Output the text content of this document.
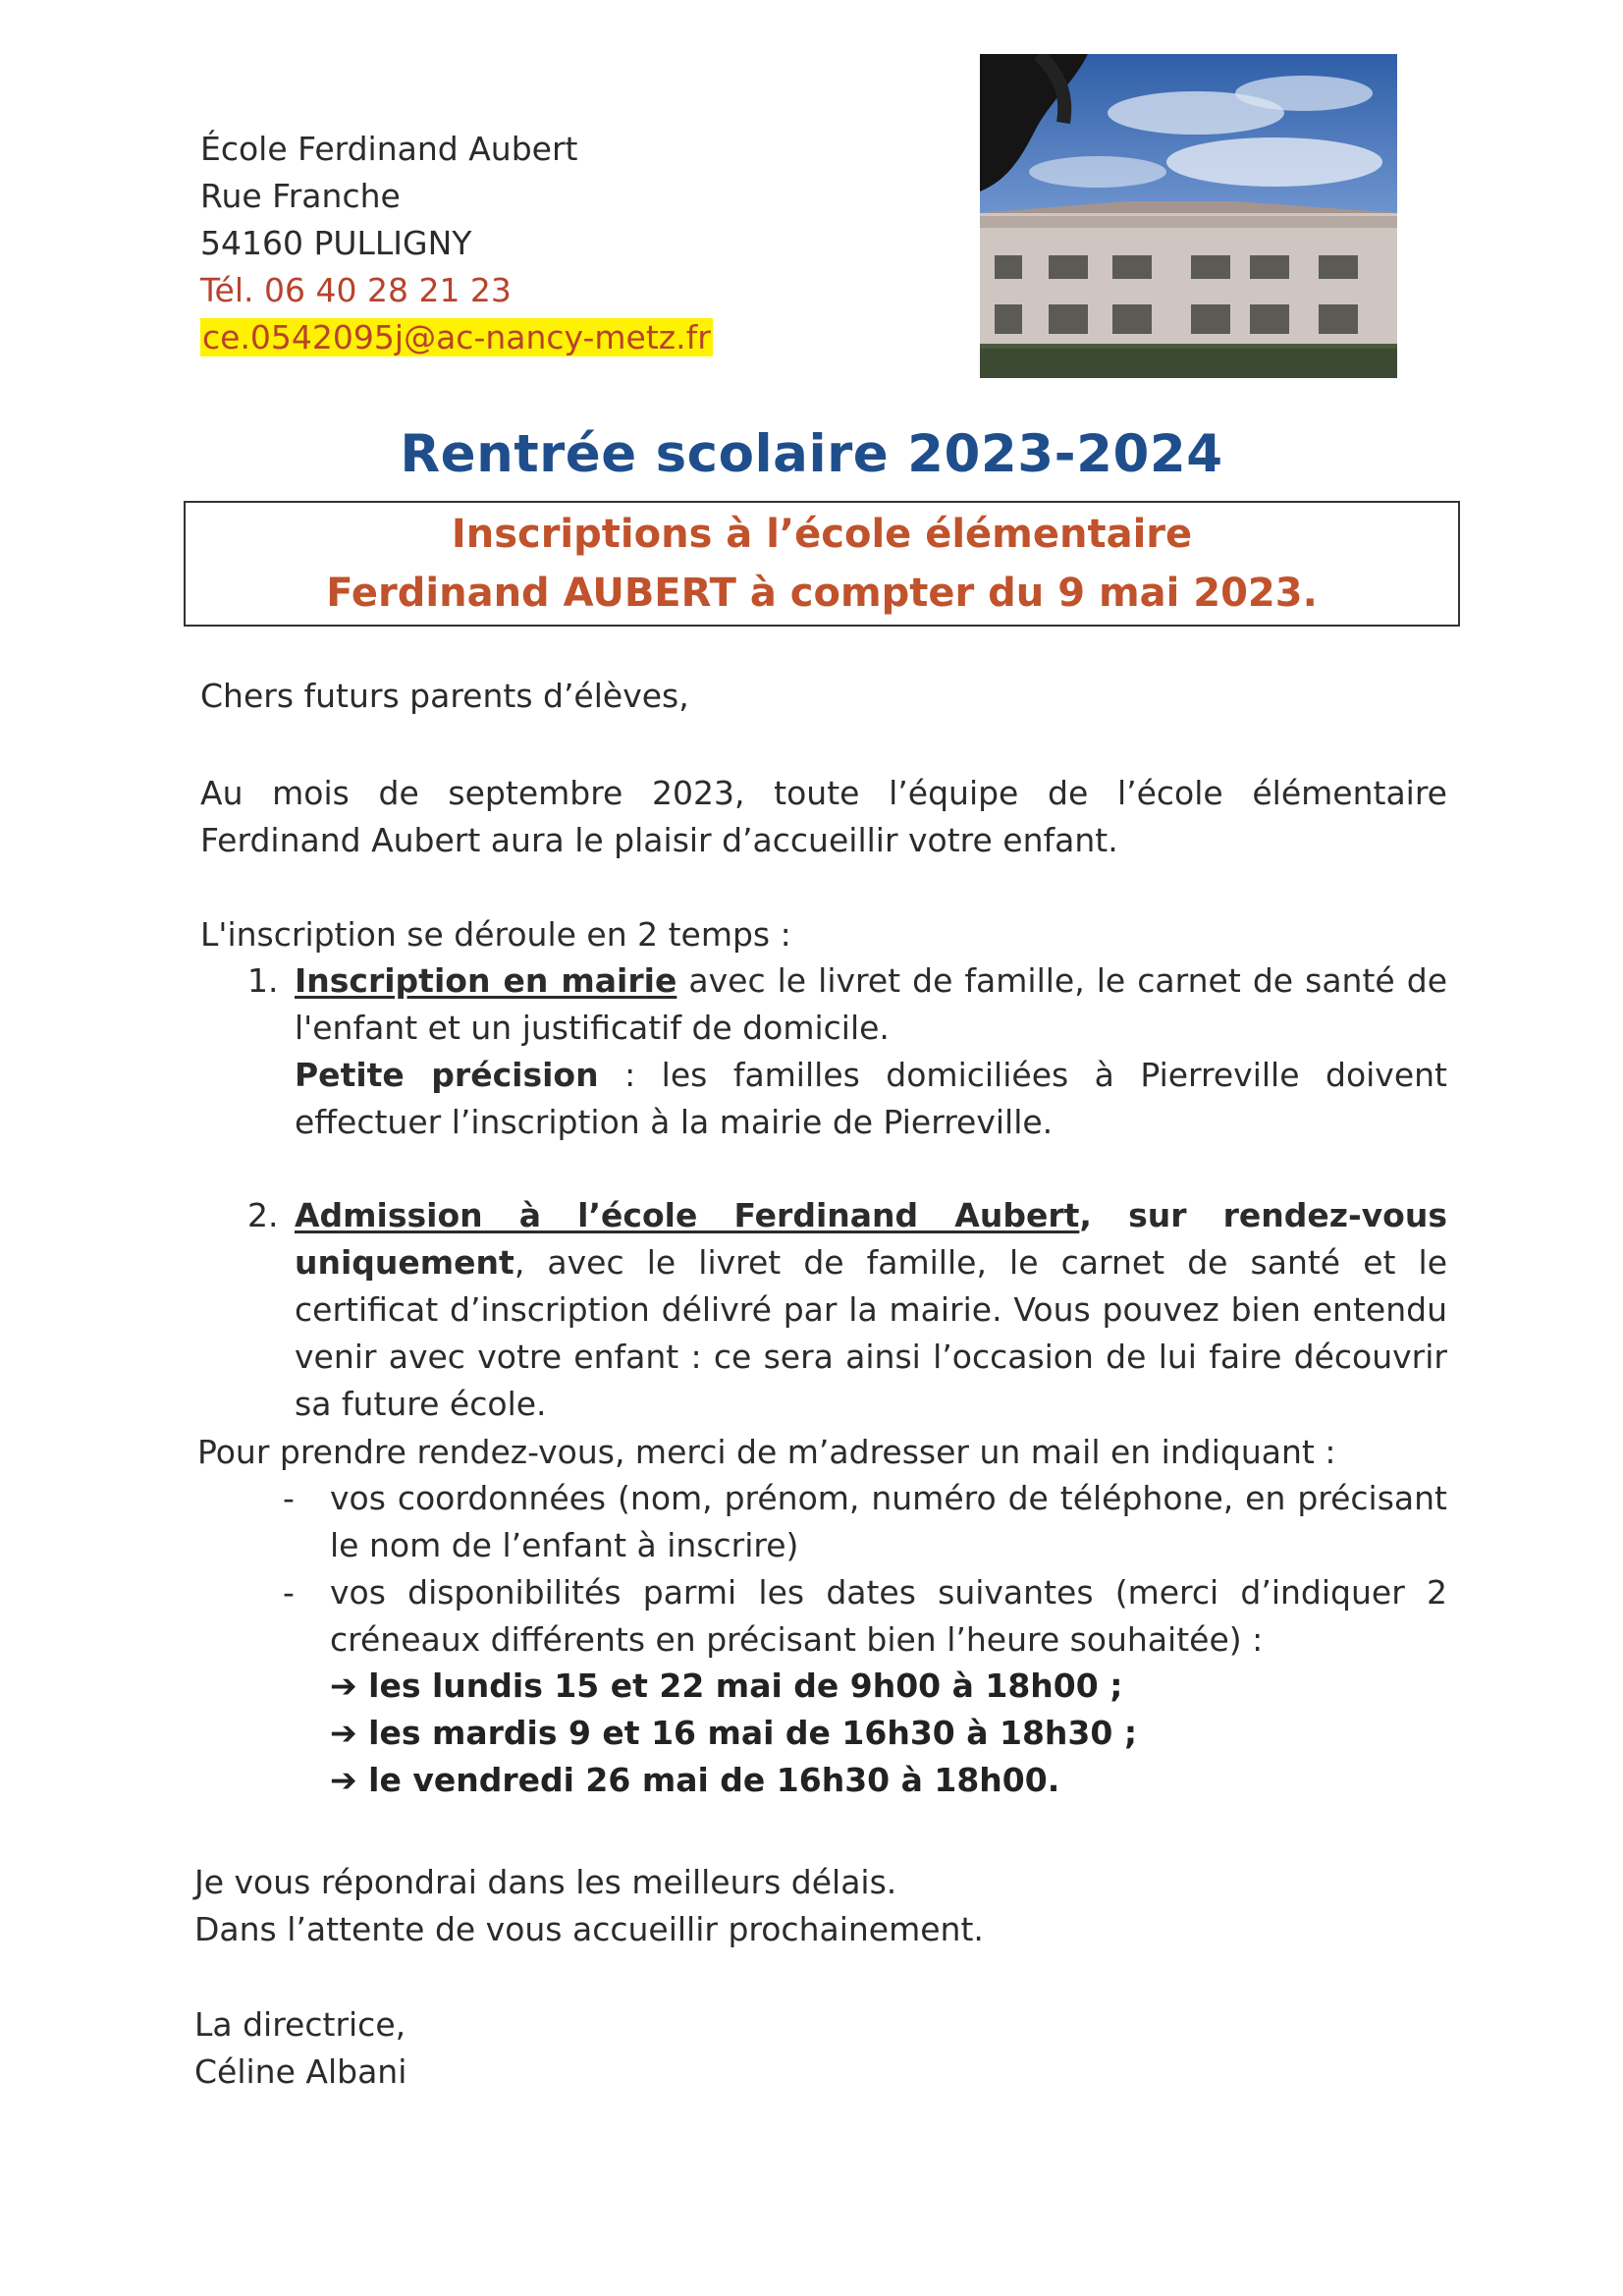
École Ferdinand Aubert
Rue Franche
54160 PULLIGNY
Tél. 06 40 28 21 23
ce.0542095j@ac-nancy-metz.fr
Rentrée scolaire 2023-2024
Inscriptions à l’école élémentaire
Ferdinand AUBERT à compter du 9 mai 2023.
Chers futurs parents d’élèves,
Au mois de septembre 2023, toute l’équipe de l’école élémentaire Ferdinand Aubert aura le plaisir d’accueillir votre enfant.
L'inscription se déroule en 2 temps :
1. Inscription en mairie avec le livret de famille, le carnet de santé de l'enfant et un justificatif de domicile.
Petite précision : les familles domiciliées à Pierreville doivent effectuer l’inscription à la mairie de Pierreville.
2. Admission à l’école Ferdinand Aubert, sur rendez-vous uniquement, avec le livret de famille, le carnet de santé et le certificat d’inscription délivré par la mairie. Vous pouvez bien entendu venir avec votre enfant : ce sera ainsi l’occasion de lui faire découvrir sa future école.
Pour prendre rendez-vous, merci de m’adresser un mail en indiquant :
- vos coordonnées (nom, prénom, numéro de téléphone, en précisant le nom de l’enfant à inscrire)
- vos disponibilités parmi les dates suivantes (merci d’indiquer 2 créneaux différents en précisant bien l’heure souhaitée) :
➔ les lundis 15 et 22 mai de 9h00 à 18h00 ;
➔ les mardis 9 et 16 mai de 16h30 à 18h30 ;
➔ le vendredi 26 mai de 16h30 à 18h00.
Je vous répondrai dans les meilleurs délais.
Dans l’attente de vous accueillir prochainement.
La directrice,
Céline Albani
